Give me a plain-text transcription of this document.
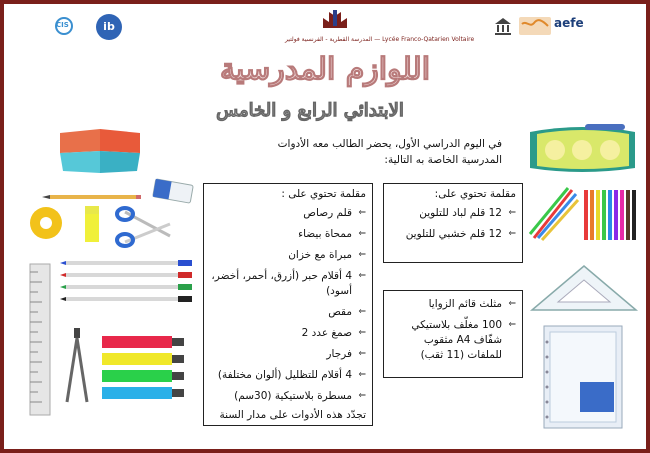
CIS	ib
المدرسة القطرية - الفرنسية فولتير — Lycée Franco-Qatarien Voltaire
aefe
اللوازم المدرسية
الابتدائي الرابع و الخامس
في اليوم الدراسي الأول، يحضر الطالب معه الأدوات المدرسية الخاصة به التالية:
مقلمة تحتوي على :
⇐ قلم رصاص
⇐ ممحاة بيضاء
⇐ مبراة مع خزان
⇐ 4 أقلام حبر (أزرق، أحمر، أخضر، أسود)
⇐ مقص
⇐ صمغ عدد 2
⇐ فرجار
⇐ 4 أقلام للتظليل (ألوان مختلفة)
⇐ مسطرة بلاستيكية (30سم)
تجدّد هذه الأدوات على مدار السنة
مقلمة تحتوي على:
⇐ 12 قلم لباد للتلوين
⇐ 12 قلم خشبي للتلوين
⇐ مثلث قائم الزوايا
⇐ 100 مغلّف بلاستيكي شفّاف A4 مثقوب للملفات (11 ثقب)
